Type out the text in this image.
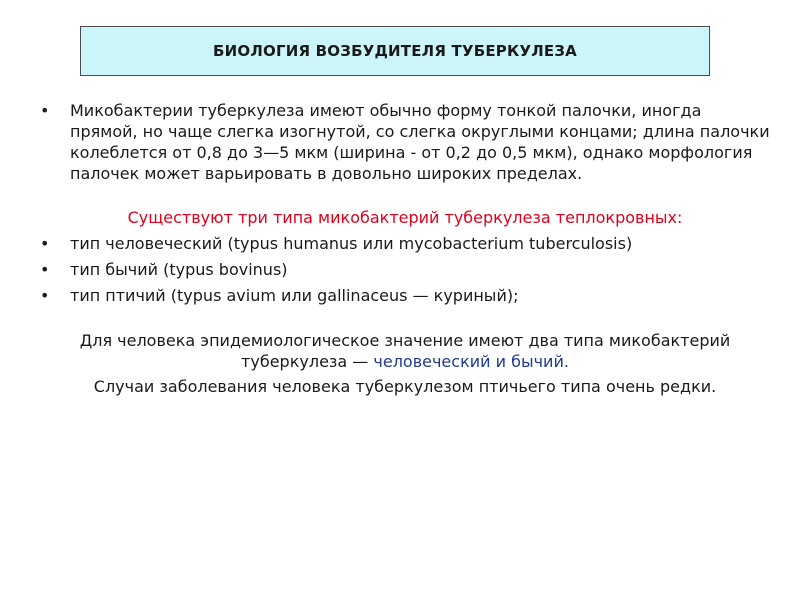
БИОЛОГИЯ ВОЗБУДИТЕЛЯ ТУБЕРКУЛЕЗА
• Микобактерии туберкулеза имеют обычно форму тонкой палочки, иногда прямой, но чаще слегка изогнутой, со слегка округлыми концами; длина палочки колеблется от 0,8 до 3—5 мкм (ширина - от 0,2 до 0,5 мкм), однако морфология палочек может варьировать в довольно широких пределах.
Существуют три типа микобактерий туберкулеза теплокровных:
• тип человеческий (typus humanus или mycobacterium tuberculosis)
• тип бычий (typus bovinus)
• тип птичий (typus avium или gallinaceus — куриный);
Для человека эпидемиологическое значение имеют два типа микобактерий туберкулеза — человеческий и бычий.
Случаи заболевания человека туберкулезом птичьего типа очень редки.
